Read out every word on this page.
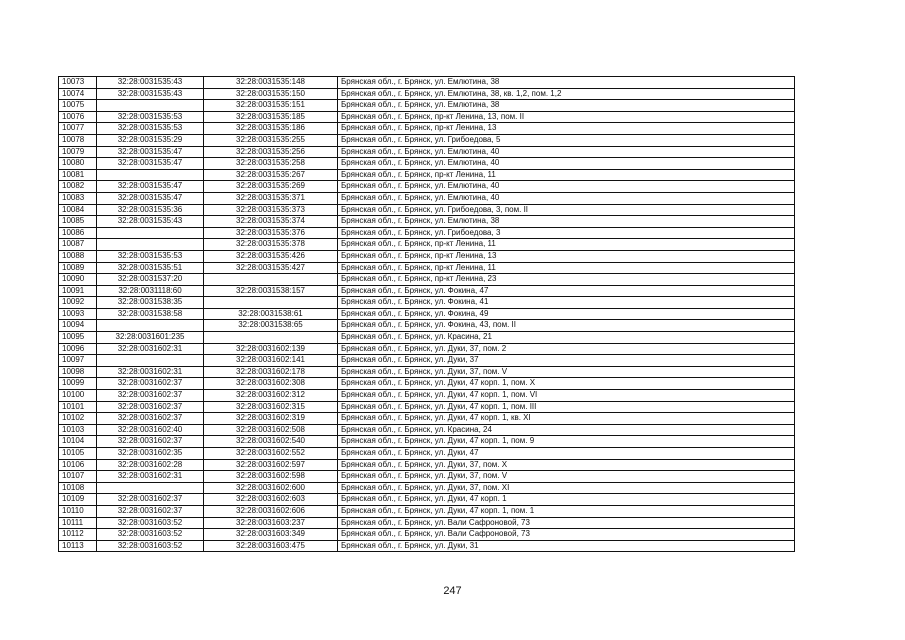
10073	32:28:0031535:43	32:28:0031535:148	Брянская обл., г. Брянск, ул. Емлютина, 38
10074	32:28:0031535:43	32:28:0031535:150	Брянская обл., г. Брянск, ул. Емлютина, 38, кв. 1,2, пом. 1,2
10075		32:28:0031535:151	Брянская обл., г. Брянск, ул. Емлютина, 38
10076	32:28:0031535:53	32:28:0031535:185	Брянская обл., г. Брянск, пр-кт Ленина, 13, пом. II
10077	32:28:0031535:53	32:28:0031535:186	Брянская обл., г. Брянск, пр-кт Ленина, 13
10078	32:28:0031535:29	32:28:0031535:255	Брянская обл., г. Брянск, ул. Грибоедова, 5
10079	32:28:0031535:47	32:28:0031535:256	Брянская обл., г. Брянск, ул. Емлютина, 40
10080	32:28:0031535:47	32:28:0031535:258	Брянская обл., г. Брянск, ул. Емлютина, 40
10081		32:28:0031535:267	Брянская обл., г. Брянск, пр-кт Ленина, 11
10082	32:28:0031535:47	32:28:0031535:269	Брянская обл., г. Брянск, ул. Емлютина, 40
10083	32:28:0031535:47	32:28:0031535:371	Брянская обл., г. Брянск, ул. Емлютина, 40
10084	32:28:0031535:36	32:28:0031535:373	Брянская обл., г. Брянск, ул. Грибоедова, 3, пом. II
10085	32:28:0031535:43	32:28:0031535:374	Брянская обл., г. Брянск, ул. Емлютина, 38
10086		32:28:0031535:376	Брянская обл., г. Брянск, ул. Грибоедова, 3
10087		32:28:0031535:378	Брянская обл., г. Брянск, пр-кт Ленина, 11
10088	32:28:0031535:53	32:28:0031535:426	Брянская обл., г. Брянск, пр-кт Ленина, 13
10089	32:28:0031535:51	32:28:0031535:427	Брянская обл., г. Брянск, пр-кт Ленина, 11
10090	32:28:0031537:20		Брянская обл., г. Брянск, пр-кт Ленина, 23
10091	32:28:0031118:60	32:28:0031538:157	Брянская обл., г. Брянск, ул. Фокина, 47
10092	32:28:0031538:35		Брянская обл., г. Брянск, ул. Фокина, 41
10093	32:28:0031538:58	32:28:0031538:61	Брянская обл., г. Брянск, ул. Фокина, 49
10094		32:28:0031538:65	Брянская обл., г. Брянск, ул. Фокина, 43, пом. II
10095	32:28:0031601:235		Брянская обл., г. Брянск, ул. Красина, 21
10096	32:28:0031602:31	32:28:0031602:139	Брянская обл., г. Брянск, ул. Дуки, 37, пом. 2
10097		32:28:0031602:141	Брянская обл., г. Брянск, ул. Дуки, 37
10098	32:28:0031602:31	32:28:0031602:178	Брянская обл., г. Брянск, ул. Дуки, 37, пом. V
10099	32:28:0031602:37	32:28:0031602:308	Брянская обл., г. Брянск, ул. Дуки, 47 корп. 1, пом. X
10100	32:28:0031602:37	32:28:0031602:312	Брянская обл., г. Брянск, ул. Дуки, 47 корп. 1, пом. VI
10101	32:28:0031602:37	32:28:0031602:315	Брянская обл., г. Брянск, ул. Дуки, 47 корп. 1, пом. III
10102	32:28:0031602:37	32:28:0031602:319	Брянская обл., г. Брянск, ул. Дуки, 47 корп. 1, кв. XI
10103	32:28:0031602:40	32:28:0031602:508	Брянская обл., г. Брянск, ул. Красина, 24
10104	32:28:0031602:37	32:28:0031602:540	Брянская обл., г. Брянск, ул. Дуки, 47 корп. 1, пом. 9
10105	32:28:0031602:35	32:28:0031602:552	Брянская обл., г. Брянск, ул. Дуки, 47
10106	32:28:0031602:28	32:28:0031602:597	Брянская обл., г. Брянск, ул. Дуки, 37, пом. X
10107	32:28:0031602:31	32:28:0031602:598	Брянская обл., г. Брянск, ул. Дуки, 37, пом. V
10108		32:28:0031602:600	Брянская обл., г. Брянск, ул. Дуки, 37, пом. XI
10109	32:28:0031602:37	32:28:0031602:603	Брянская обл., г. Брянск, ул. Дуки, 47 корп. 1
10110	32:28:0031602:37	32:28:0031602:606	Брянская обл., г. Брянск, ул. Дуки, 47 корп. 1, пом. 1
10111	32:28:0031603:52	32:28:0031603:237	Брянская обл., г. Брянск, ул. Вали Сафроновой, 73
10112	32:28:0031603:52	32:28:0031603:349	Брянская обл., г. Брянск, ул. Вали Сафроновой, 73
10113	32:28:0031603:52	32:28:0031603:475	Брянская обл., г. Брянск, ул. Дуки, 31
247
